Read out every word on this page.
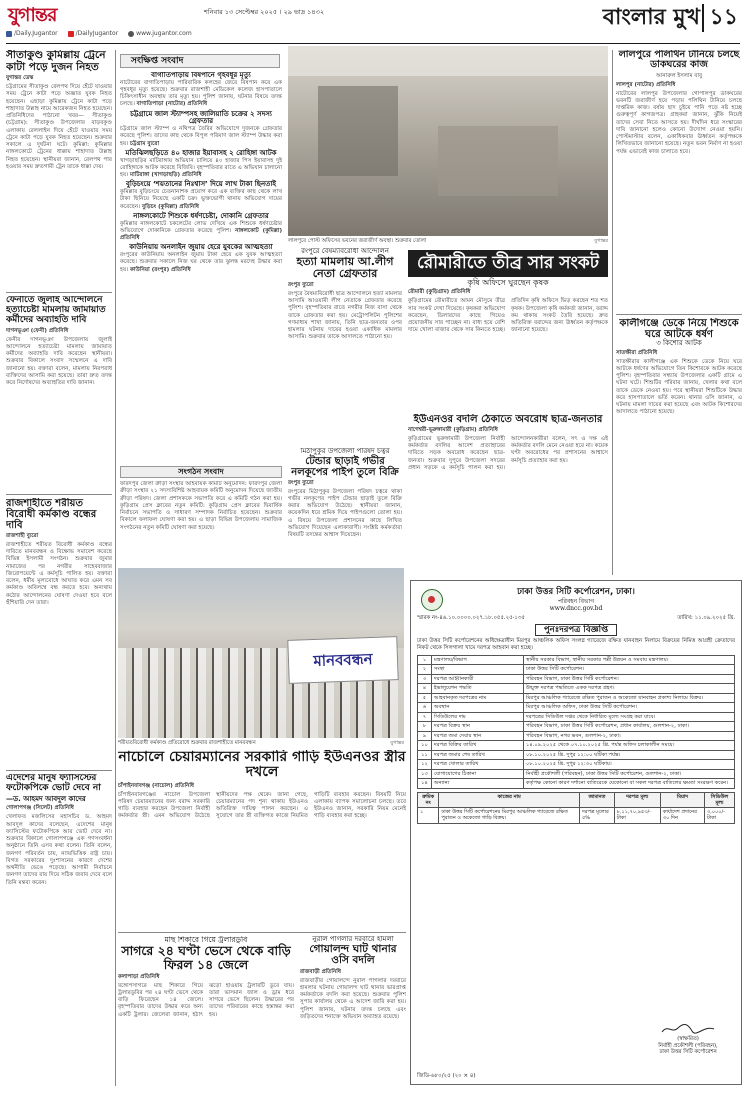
যুগান্তর	শনিবার ১৩ সেপ্টেম্বর ২০২৫ । ২৯ ভাদ্র ১৪৩২
/Daily.Jugantor	/DailyJugantor	www.jugantor.com
বাংলার মুখ ১১
সীতাকুণ্ড কুমিল্লায় ট্রেনে কাটা পড়ে দুজন নিহত
যুগান্তর ডেস্ক
চট্টগ্রামের সীতাকুণ্ড রেলপথ দিয়ে হেঁটে যাওয়ার সময় ট্রেনে কাটা পড়ে অজ্ঞাত যুবক নিহত হয়েছেন। এছাড়া কুমিল্লায় ট্রেনে কাটা পড়ে শাহাদাত উল্লাহ নামে আরেকজন নিহত হয়েছেন। প্রতিনিধিদের পাঠানো খবর— সীতাকুণ্ড (চট্টগ্রাম): সীতাকুণ্ড উপজেলার বাড়বকুণ্ড এলাকায় রেললাইন দিয়ে হেঁটে যাওয়ার সময় ট্রেনে কাটা পড়ে যুবক নিহত হয়েছেন। শুক্রবার সকালে এ দুর্ঘটনা ঘটে। কুমিল্লা: কুমিল্লার নাঙ্গলকোটে ট্রেনের ধাক্কায় শাহাদাত উল্লাহ নিহত হয়েছেন। স্থানীয়রা জানান, রেলপথ পার হওয়ার সময় দ্রুতগামী ট্রেন তাকে ধাক্কা দেয়।
ফেনীতে জুলাই আন্দোলনে হত্যাচেষ্টা মামলায় জামায়াত কর্মীদের অব্যাহতি দাবি
দাগনভূঞা (ফেনী) প্রতিনিধি
ফেনীর দাগনভূঞা উপজেলায় জুলাই আন্দোলনে হত্যাচেষ্টা মামলায় জামায়াত কর্মীদের অব্যাহতি দাবি করেছেন স্থানীয়রা। শুক্রবার বিকালে সংবাদ সম্মেলনে এ দাবি জানানো হয়। বক্তারা বলেন, মামলায় নিরপরাধ ব্যক্তিদের আসামি করা হয়েছে। তারা দ্রুত তদন্ত করে নির্দোষদের অব্যাহতির দাবি জানান।
রাজশাহীতে শরীয়ত বিরোধী কর্মকাণ্ড বন্ধের দাবি
রাজশাহী ব্যুরো
রাজশাহীতে শরীয়ত বিরোধী কর্মকাণ্ড বন্ধের দাবিতে মানববন্ধন ও বিক্ষোভ সমাবেশ করেছে বিভিন্ন ইসলামী সংগঠন। শুক্রবার জুমার নামাজের পর নগরীর সাহেববাজার জিরোপয়েন্টে এ কর্মসূচি পালিত হয়। বক্তারা বলেন, ধর্মীয় মূল্যবোধে আঘাত করে এমন সব কর্মকাণ্ড অবিলম্বে বন্ধ করতে হবে। অন্যথায় কঠোর আন্দোলনের ঘোষণা দেওয়া হবে বলে হুঁশিয়ারি দেন তারা।
এদেশের মানুষ ফ্যাসিস্টের ফটোকপিকে ভোট দেবে না
—ড. আহমদ আবদুল কাদের
গোলাপগঞ্জ (সিলেট) প্রতিনিধি
খেলাফত মজলিসের মহাসচিব ড. আহমদ আবদুল কাদের বলেছেন, এদেশের মানুষ ফ্যাসিস্টের ফটোকপিকে আর ভোট দেবে না। শুক্রবার বিকালে গোলাপগঞ্জে এক গণসংবর্ধনা অনুষ্ঠানে তিনি এসব কথা বলেন। তিনি বলেন, জনগণ পরিবর্তন চায়, ন্যায়ভিত্তিক রাষ্ট্র চায়। বিগত সরকারের দুঃশাসনের কারণে দেশের অর্থনীতি ভেঙে পড়েছে। আগামী নির্বাচনে জনগণ তাদের রায় দিয়ে সঠিক জবাব দেবে বলে তিনি মন্তব্য করেন।
সংক্ষিপ্ত সংবাদ
বাগাতিপাড়ায় বিষপানে গৃহবধূর মৃত্যু
নাটোরের বাগাতিপাড়ায় পারিবারিক কলহের জেরে বিষপান করে এক গৃহবধূর মৃত্যু হয়েছে। শুক্রবার রাজশাহী মেডিকেল কলেজ হাসপাতালে চিকিৎসাধীন অবস্থায় তার মৃত্যু হয়। পুলিশ জানায়, ঘটনার বিষয়ে তদন্ত চলছে। বাগাতিপাড়া (নাটোর) প্রতিনিধি
চট্টগ্রামে জাল স্ট্যাম্পসহ জালিয়াতি চক্রের ২ সদস্য গ্রেফতার
চট্টগ্রামে জাল স্ট্যাম্প ও নথিপত্র তৈরির অভিযোগে দুজনকে গ্রেফতার করেছে পুলিশ। তাদের কাছ থেকে বিপুল পরিমাণ জাল স্ট্যাম্প উদ্ধার করা হয়। চট্টগ্রাম ব্যুরো
মতিঝিলছড়িতে ৪০ হাজার ইয়াবাসহ ২ রোহিঙ্গা আটক
খাগড়াছড়ির মাটিরাঙ্গায় অভিযান চালিয়ে ৪০ হাজার পিস ইয়াবাসহ দুই রোহিঙ্গাকে আটক করেছে বিজিবি। বৃহস্পতিবার রাতে এ অভিযান চালানো হয়। মাটিরাঙ্গা (খাগড়াছড়ি) প্রতিনিধি
বুড়িচংয়ে ‘শয়তানের নিঃশ্বাস’ দিয়ে লাখ টাকা ছিনতাই
কুমিল্লার বুড়িচংয়ে চেতনানাশক প্রয়োগ করে এক ব্যক্তির কাছ থেকে লাখ টাকা ছিনিয়ে নিয়েছে একটি চক্র। ভুক্তভোগী থানায় অভিযোগ দায়ের করেছেন। বুড়িচং (কুমিল্লা) প্রতিনিধি
নাঙ্গলকোটে শিশুকে ধর্ষণচেষ্টা, দোকানি গ্রেফতার
কুমিল্লার নাঙ্গলকোটে চকলেটের লোভ দেখিয়ে এক শিশুকে ধর্ষণচেষ্টার অভিযোগে দোকানিকে গ্রেফতার করেছে পুলিশ। নাঙ্গলকোট (কুমিল্লা) প্রতিনিধি
কাউনিয়ায় অনলাইন জুয়ায় হেরে যুবকের আত্মহত্যা
রংপুরের কাউনিয়ায় অনলাইন জুয়ায় টাকা হেরে এক যুবক আত্মহত্যা করেছে। শুক্রবার সকালে নিজ ঘর থেকে তার ঝুলন্ত মরদেহ উদ্ধার করা হয়। কাউনিয়া (রংপুর) প্রতিনিধি
সংগঠন সংবাদ
ফরিদপুর জেলা ক্রীড়া সংস্থার আহবায়ক কমিটি অনুমোদন: ফরিদপুর জেলা ক্রীড়া সংস্থার ২১ সদস্যবিশিষ্ট আহবায়ক কমিটি অনুমোদন দিয়েছে জাতীয় ক্রীড়া পরিষদ। জেলা প্রশাসককে সভাপতি করে এ কমিটি গঠন করা হয়। কুড়িগ্রাম প্রেস ক্লাবের নতুন কমিটি: কুড়িগ্রাম প্রেস ক্লাবের দ্বিবার্ষিক নির্বাচনে সভাপতি ও সাধারণ সম্পাদক নির্বাচিত হয়েছেন। শুক্রবার বিকালে ফলাফল ঘোষণা করা হয়। এ ছাড়া বিভিন্ন উপজেলায় সামাজিক সংগঠনের নতুন কমিটি ঘোষণা করা হয়েছে।
লালপুরে পোস্ট অফিসের ভবনের জরাজীর্ণ অবস্থা। শুক্রবার তোলা	যুগান্তর
রংপুরে বৈষম্যবিরোধী আন্দোলন
হত্যা মামলায় আ.লীগ নেতা গ্রেফতার
রংপুর ব্যুরো
রংপুরে বৈষম্যবিরোধী ছাত্র আন্দোলনে হত্যা মামলার আসামি আওয়ামী লীগ নেতাকে গ্রেফতার করেছে পুলিশ। বৃহস্পতিবার রাতে নগরীর নিজ বাসা থেকে তাকে গ্রেফতার করা হয়। মেট্রোপলিটন পুলিশের গণমাধ্যম শাখা জানায়, তিনি ছাত্র-জনতার ওপর হামলার ঘটনায় দায়ের হওয়া একাধিক মামলার আসামি। শুক্রবার তাকে আদালতে পাঠানো হয়।
মিঠাপুকুর উপজেলা পরিষদ চত্বর
টেন্ডার ছাড়াই গভীর নলকূপের পাইপ তুলে বিক্রি
রংপুর ব্যুরো
রংপুরের মিঠাপুকুর উপজেলা পরিষদ চত্বরে থাকা গভীর নলকূপের পাইপ টেন্ডার ছাড়াই তুলে বিক্রি করার অভিযোগ উঠেছে। স্থানীয়রা জানান, কয়েকদিন ধরে শ্রমিক দিয়ে পাইপগুলো তোলা হয়। এ বিষয়ে উপজেলা প্রশাসনের কাছে লিখিত অভিযোগ দিয়েছেন এলাকাবাসী। সংশ্লিষ্ট কর্মকর্তারা বিষয়টি তদন্তের আশ্বাস দিয়েছেন।
রৌমারীতে তীব্র সার সংকট
কৃষি অফিসে ঘুরছেন কৃষক
রৌমারী (কুড়িগ্রাম) প্রতিনিধি
কুড়িগ্রামের রৌমারীতে আমন মৌসুমে তীব্র সার সংকট দেখা দিয়েছে। কৃষকরা অভিযোগ করেছেন, ডিলারদের কাছে গিয়েও প্রয়োজনীয় সার পাচ্ছেন না। বাধ্য হয়ে বেশি দামে খোলা বাজার থেকে সার কিনতে হচ্ছে। প্রতিদিন কৃষি অফিসে ভিড় করছেন শত শত কৃষক। উপজেলা কৃষি কর্মকর্তা জানান, বরাদ্দ কম থাকায় সংকট তৈরি হয়েছে। দ্রুত অতিরিক্ত বরাদ্দের জন্য ঊর্ধ্বতন কর্তৃপক্ষকে জানানো হয়েছে।
ইউএনওর বদলি ঠেকাতে অবরোধ ছাত্র-জনতার
নাগেশ্বরী-ভূরুঙ্গামারী (কুড়িগ্রাম) প্রতিনিধি
কুড়িগ্রামের ভূরুঙ্গামারী উপজেলা নির্বাহী কর্মকর্তার বদলির আদেশ প্রত্যাহারের দাবিতে সড়ক অবরোধ করেছেন ছাত্র-জনতা। শুক্রবার দুপুরে উপজেলা সদরের প্রধান সড়কে এ কর্মসূচি পালন করা হয়। আন্দোলনকারীরা বলেন, সৎ ও দক্ষ এই কর্মকর্তার বদলি মেনে নেওয়া হবে না। কয়েক ঘণ্টা অবরোধের পর প্রশাসনের আশ্বাসে কর্মসূচি প্রত্যাহার করা হয়।
লালপুরে পলিথিন টানিয়ে চলছে ডাকঘরের কাজ
আনারুল ইসলাম বাবু
লালপুর (নাটোর) প্রতিনিধি
নাটোরের লালপুর উপজেলার গোপালপুর ডাকঘরের ভবনটি জরাজীর্ণ হয়ে পড়ায় পলিথিন টানিয়ে চলছে দাপ্তরিক কাজ। বর্ষায় ছাদ চুইয়ে পানি পড়ে নষ্ট হচ্ছে গুরুত্বপূর্ণ কাগজপত্র। গ্রাহকরা জানান, ঝুঁকি নিয়েই তাদের সেবা নিতে আসতে হয়। দীর্ঘদিন ধরে সংস্কারের দাবি জানানো হলেও কোনো উদ্যোগ নেওয়া হয়নি। পোস্টমাস্টার বলেন, একাধিকবার ঊর্ধ্বতন কর্তৃপক্ষকে লিখিতভাবে জানানো হয়েছে। নতুন ভবন নির্মাণ না হওয়া পর্যন্ত এভাবেই কাজ চালাতে হবে।
কালীগঞ্জে ডেকে নিয়ে শিশুকে ঘরে আটকে ধর্ষণ
৩ কিশোর আটক
সাতক্ষীরা প্রতিনিধি
সাতক্ষীরার কালীগঞ্জে এক শিশুকে ডেকে নিয়ে ঘরে আটকে ধর্ষণের অভিযোগে তিন কিশোরকে আটক করেছে পুলিশ। বৃহস্পতিবার সন্ধ্যায় উপজেলার একটি গ্রামে এ ঘটনা ঘটে। শিশুটির পরিবার জানায়, খেলার কথা বলে তাকে ডেকে নেওয়া হয়। পরে স্থানীয়রা শিশুটিকে উদ্ধার করে হাসপাতালে ভর্তি করেন। থানার ওসি জানান, এ ঘটনায় মামলা দায়ের করা হয়েছে এবং আটক কিশোরদের আদালতে পাঠানো হয়েছে।
মানববন্ধন
শরীয়তবিরোধী কর্মকাণ্ড প্রতিরোধে শুক্রবার রাজশাহীতে মানববন্ধন	যুগান্তর
নাচোলে চেয়ারম্যানের সরকারি গাড়ি ইউএনওর স্ত্রীর দখলে
চাঁপাইনবাবগঞ্জ (নাচোল) প্রতিনিধি
চাঁপাইনবাবগঞ্জের নাচোল উপজেলা পরিষদ চেয়ারম্যানের জন্য বরাদ্দ সরকারি গাড়ি ব্যবহার করছেন উপজেলা নির্বাহী কর্মকর্তার স্ত্রী। এমন অভিযোগ উঠেছে স্থানীয়দের পক্ষ থেকে। জানা গেছে, চেয়ারম্যানের পদ শূন্য থাকায় ইউএনও অতিরিক্ত দায়িত্ব পালন করছেন। এ সুযোগে তার স্ত্রী ব্যক্তিগত কাজে নিয়মিত গাড়িটি ব্যবহার করছেন। বিষয়টি নিয়ে এলাকায় ব্যাপক সমালোচনা চলছে। তবে ইউএনও জানান, সরকারি নিয়ম মেনেই গাড়ি ব্যবহার করা হচ্ছে।
মাছ শিকারে গিয়ে ট্রলারডুবি
সাগরে ২৪ ঘণ্টা ভেসে থেকে বাড়ি ফিরল ১৪ জেলে
কলাপাড়া প্রতিনিধি
বঙ্গোপসাগরে মাছ শিকারে গিয়ে ট্রলারডুবির পর ২৪ ঘণ্টা ভেসে থেকে বাড়ি ফিরেছেন ১৪ জেলে। বৃহস্পতিবার তাদের উদ্ধার করে অন্য একটি ট্রলার। জেলেরা জানান, হঠাৎ ঝড়ো হাওয়ায় ট্রলারটি ডুবে যায়। তারা ভাসমান জাল ও ড্রাম ধরে সাগরে ভেসে ছিলেন। উদ্ধারের পর তাদের পরিবারের কাছে হস্তান্তর করা হয়।
নুরাল পাগলার দরবারে হামলা
গোয়ালন্দ ঘাট থানার ওসি বদলি
রাজবাড়ী প্রতিনিধি
রাজবাড়ীর গোয়ালন্দে নুরাল পাগলার দরবারে হামলার ঘটনায় গোয়ালন্দ ঘাট থানার ভারপ্রাপ্ত কর্মকর্তাকে বদলি করা হয়েছে। শুক্রবার পুলিশ সুপার কার্যালয় থেকে এ আদেশ জারি করা হয়। পুলিশ জানায়, ঘটনার তদন্ত চলছে এবং জড়িতদের শনাক্তে অভিযান অব্যাহত রয়েছে।
ঢাকা উত্তর সিটি কর্পোরেশন, ঢাকা।
পরিবহন বিভাগ
www.dncc.gov.bd
স্মারক নং-৪৬.১০.০০০০.০২৭.১৮.০৫৫.২৫-১৩৫	তারিখ: ১১.০৯.২০২৫ খ্রি.
পুনঃদরপত্র বিজ্ঞপ্তি
ঢাকা উত্তর সিটি কর্পোরেশনের অধিক্ষেত্রাধীন মিরপুর আঞ্চলিক অফিস সংলগ্ন গ্যারেজে রক্ষিত যানবাহন নিলামে বিক্রয়ের নিমিত্ত আগ্রহী ক্রেতাদের নিকট থেকে সিলগালা খামে দরপত্র আহবান করা হচ্ছে।
১	মন্ত্রণালয়/বিভাগ	স্থানীয় সরকার বিভাগ, স্থানীয় সরকার পল্লী উন্নয়ন ও সমবায় মন্ত্রণালয়।
২	সংস্থা	ঢাকা উত্তর সিটি কর্পোরেশন।
৩	দরপত্র আহ্বানকারী	পরিবহন বিভাগ, ঢাকা উত্তর সিটি কর্পোরেশন।
৪	ইভালুয়েশন পদ্ধতি	উন্মুক্ত দরপত্র পদ্ধতিতে একক দরপত্র গ্রহণ।
৫	আহবানকৃত দরপত্রের নাম	মিরপুর আঞ্চলিক গ্যারেজে রক্ষিত পুরাতন ও অকেজো যানবাহন প্রকাশ্য নিলামে বিক্রয়।
৬	অবস্থান	মিরপুর আঞ্চলিক অফিস, ঢাকা উত্তর সিটি কর্পোরেশন।
৭	সিডিউলের দাম	দরপত্রের সিডিউল দপ্তর থেকে নির্ধারিত মূল্যে সংগ্রহ করা যাবে।
৮	দরপত্র বিক্রয় স্থান	পরিবহন বিভাগ, ঢাকা উত্তর সিটি কর্পোরেশন, প্রধান কার্যালয়, গুলশান-২, ঢাকা।
৯	দরপত্র জমা দেয়ার স্থান	পরিবহন বিভাগ, নগর ভবন, গুলশান-২, ঢাকা।
১০	দরপত্র বিক্রির তারিখ	১৪.০৯.২০২৫ থেকে ০৭.১০.২০২৫ খ্রি. পর্যন্ত অফিস চলাকালীন সময়ে।
১১	দরপত্র জমার শেষ তারিখ	০৮.১০.২০২৫ খ্রি. দুপুর ১২:০০ ঘটিকা পর্যন্ত।
১২	দরপত্র খোলার তারিখ	০৮.১০.২০২৫ খ্রি. দুপুর ১২:৩০ ঘটিকায়।
১৩	যোগাযোগের ঠিকানা	নির্বাহী প্রকৌশলী (পরিবহন), ঢাকা উত্তর সিটি কর্পোরেশন, গুলশান-২, ঢাকা।
১৪	অন্যান্য	কর্তৃপক্ষ কোনো কারণ দর্শানো ব্যতিরেকে যেকোনো বা সকল দরপত্র বাতিলের ক্ষমতা সংরক্ষণ করেন।
ক্রমিক নং	কাজের নাম	জামানত	দরপত্র মূল্য	মিয়াদ	সিডিউল মূল্য
১	ঢাকা উত্তর সিটি কর্পোরেশনের মিরপুর আঞ্চলিক গ্যারেজে রক্ষিত পুরাতন ও অকেজো গাড়ি বিক্রয়।	দরপত্র মূল্যের ৫%	৮,১১,৭০,৯৫৩/- টাকা	কার্যাদেশ প্রদানের ৩০ দিন	৩,০০০/- টাকা
(স্বাক্ষরিত)
নির্বাহী প্রকৌশলী (পরিবহন), ঢাকা উত্তর সিটি কর্পোরেশন
জিডি-৬৮০/২৫ (২০ × ৪)
